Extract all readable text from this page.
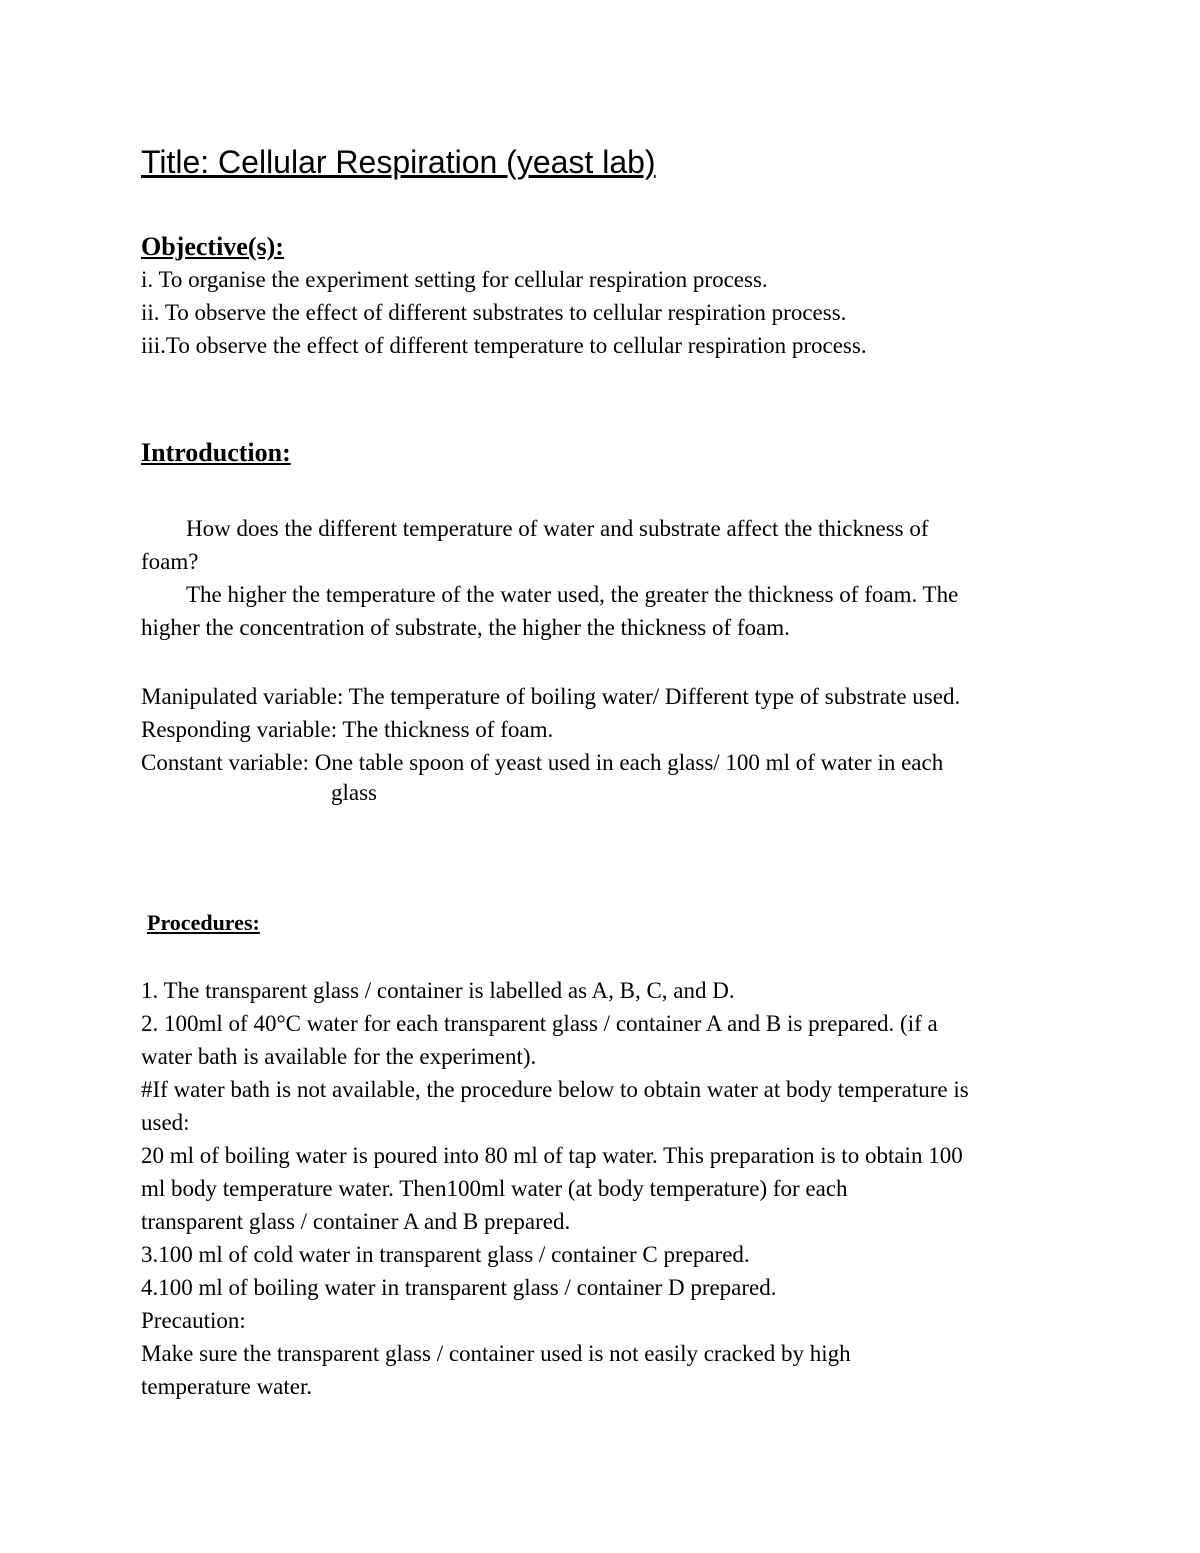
Title: Cellular Respiration (yeast lab)
Objective(s):
i. To organise the experiment setting for cellular respiration process.
ii. To observe the effect of different substrates to cellular respiration process.
iii.To observe the effect of different temperature to cellular respiration process.
Introduction:
How does the different temperature of water and substrate affect the thickness of
foam?
The higher the temperature of the water used, the greater the thickness of foam. The
higher the concentration of substrate, the higher the thickness of foam.
Manipulated variable: The temperature of boiling water/ Different type of substrate used.
Responding variable: The thickness of foam.
Constant variable: One table spoon of yeast used in each glass/ 100 ml of water in each
glass
Procedures:
1. The transparent glass / container is labelled as A, B, C, and D.
2. 100ml of 40°C water for each transparent glass / container A and B is prepared. (if a
water bath is available for the experiment).
#If water bath is not available, the procedure below to obtain water at body temperature is
used:
20 ml of boiling water is poured into 80 ml of tap water. This preparation is to obtain 100
ml body temperature water. Then100ml water (at body temperature) for each
transparent glass / container A and B prepared.
3.100 ml of cold water in transparent glass / container C prepared.
4.100 ml of boiling water in transparent glass / container D prepared.
Precaution:
Make sure the transparent glass / container used is not easily cracked by high
temperature water.
